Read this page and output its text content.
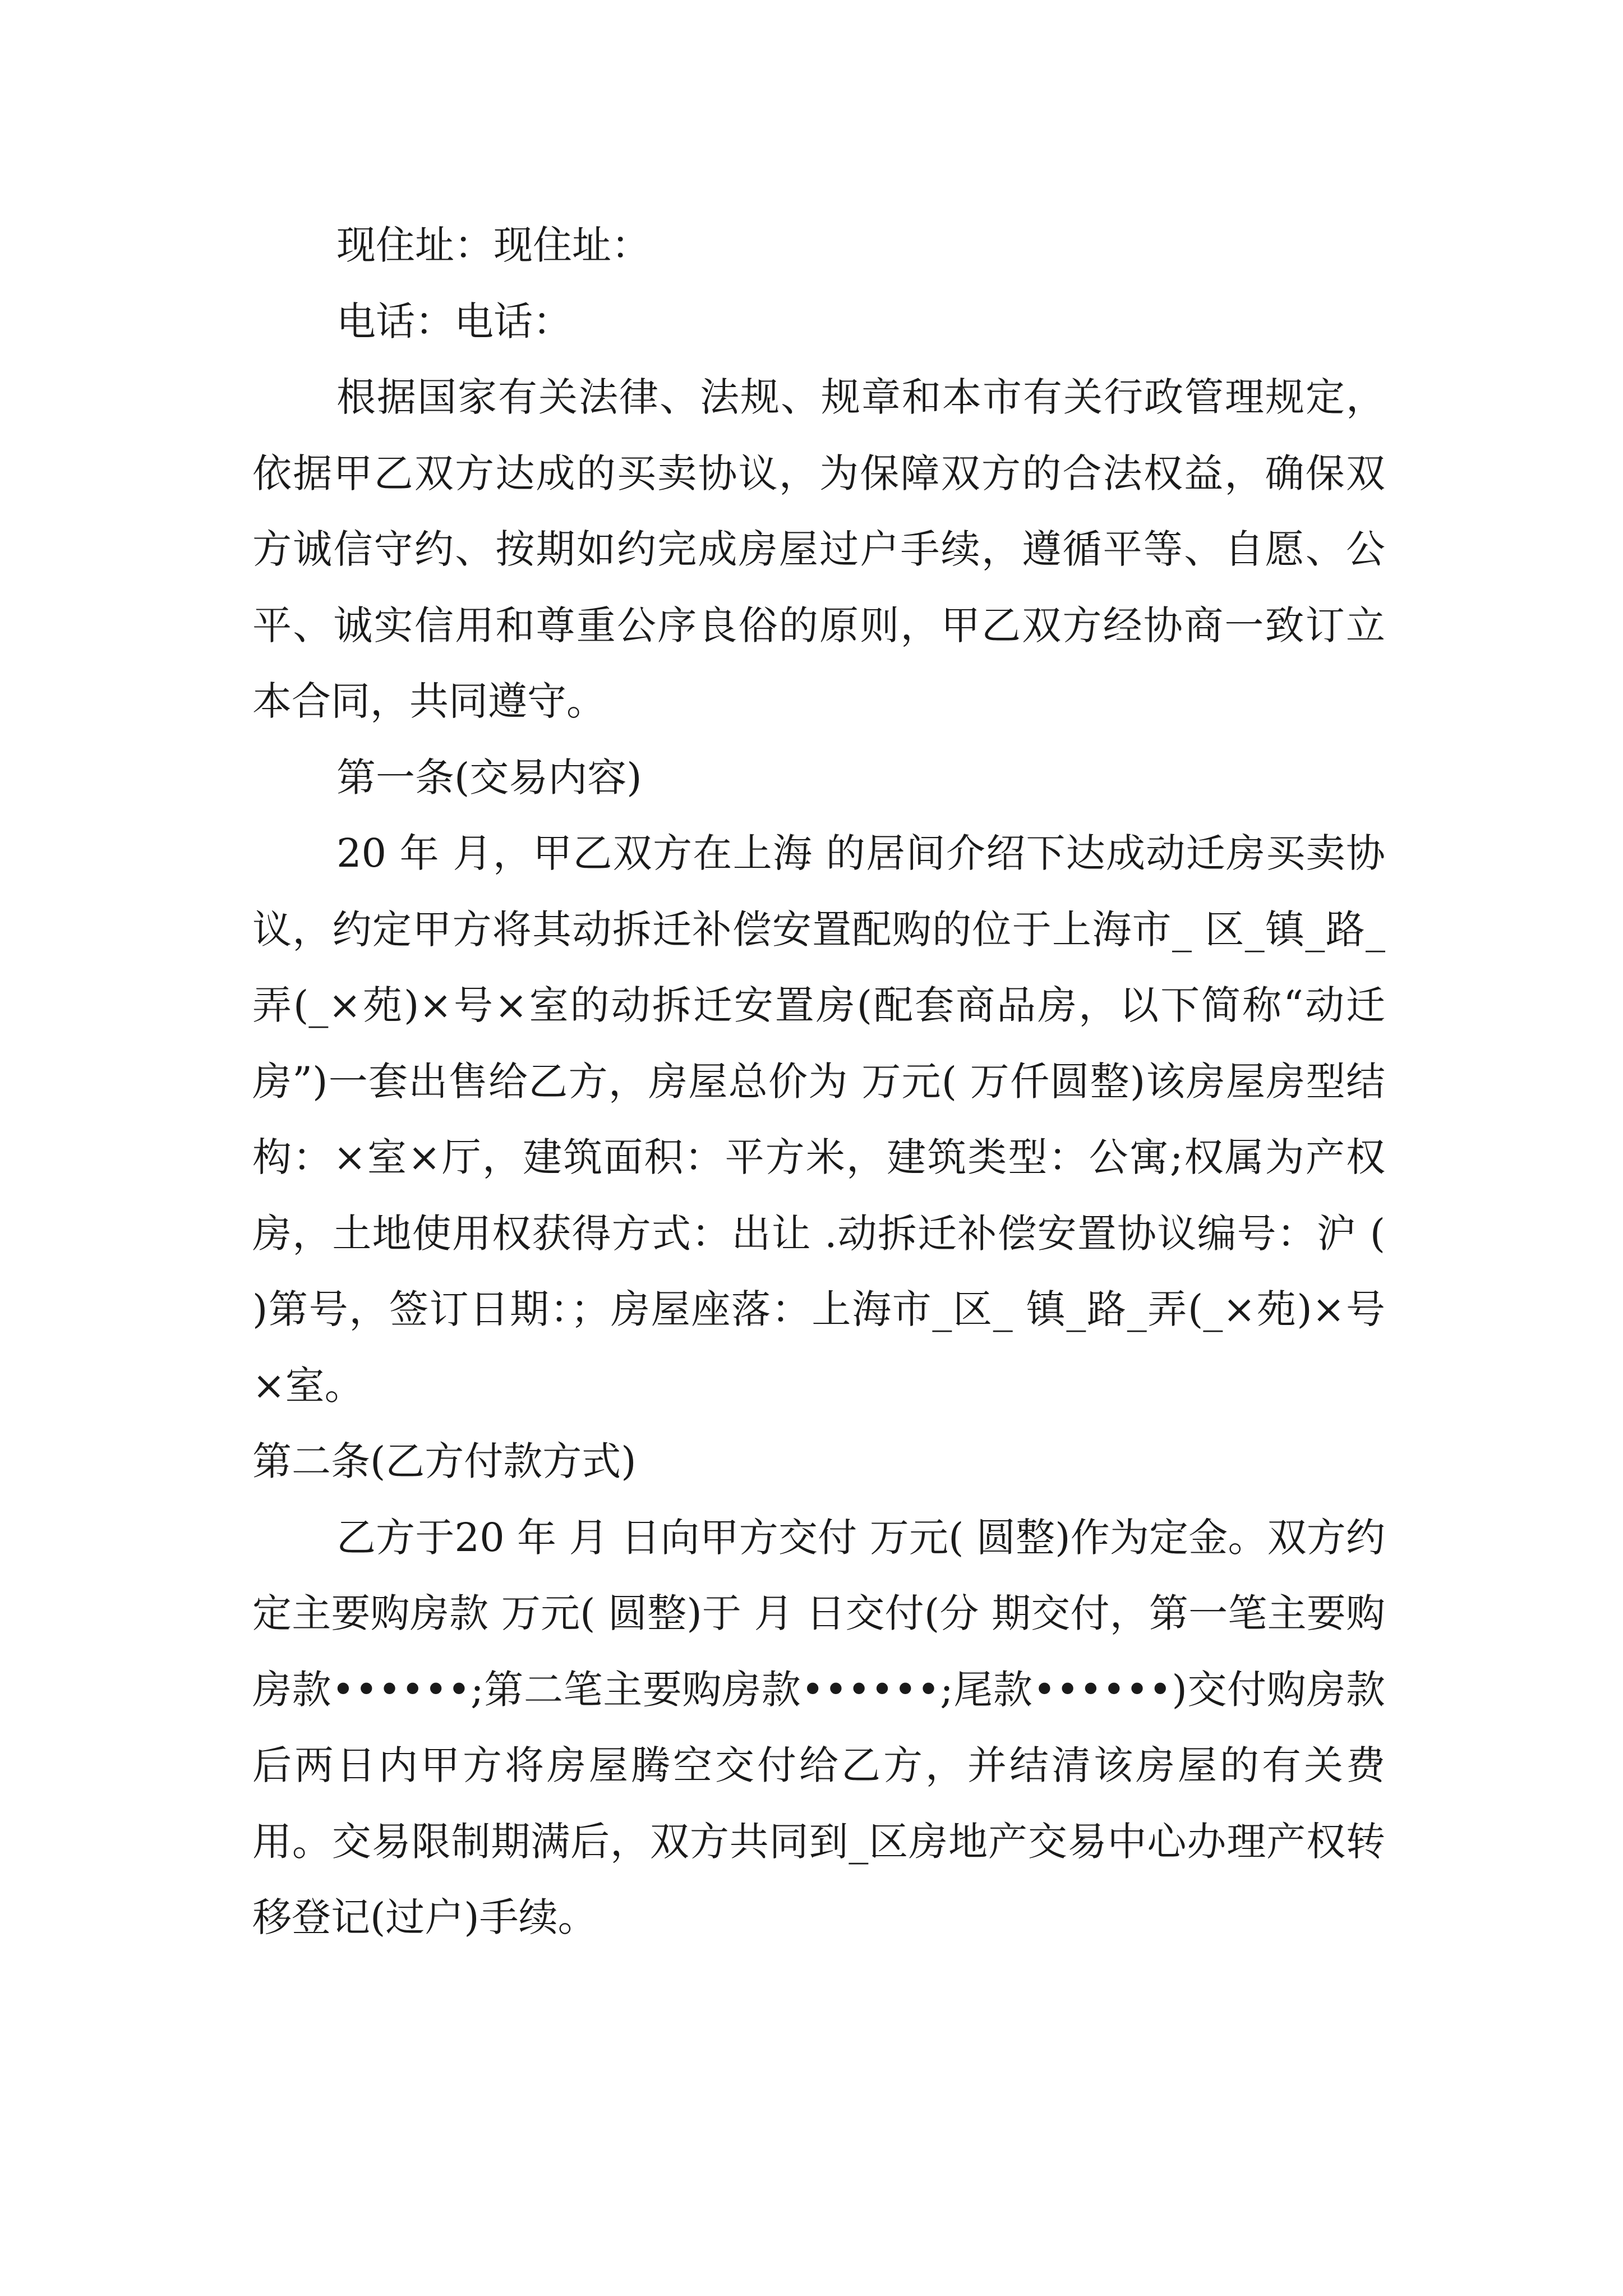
现住址：现住址：

电话：电话：

根据国家有关法律、法规、规章和本市有关行政管理规定，依据甲乙双方达成的买卖协议，为保障双方的合法权益，确保双方诚信守约、按期如约完成房屋过户手续，遵循平等、自愿、公平、诚实信用和尊重公序良俗的原则，甲乙双方经协商一致订立本合同，共同遵守。

第一条(交易内容)

20 年 月，甲乙双方在上海 的居间介绍下达成动迁房买卖协议，约定甲方将其动拆迁补偿安置配购的位于上海市_ 区_镇_路_弄(_×苑)×号×室的动拆迁安置房(配套商品房，以下简称“动迁房”)一套出售给乙方，房屋总价为 万元( 万仟圆整)该房屋房型结构：×室×厅，建筑面积：平方米，建筑类型：公寓;权属为产权房，土地使用权获得方式：出让 .动拆迁补偿安置协议编号：沪 ( )第号，签订日期：；房屋座落：上海市_区_ 镇_路_弄(_×苑)×号×室。

第二条(乙方付款方式)

乙方于20 年 月 日向甲方交付 万元( 圆整)作为定金。双方约定主要购房款 万元( 圆整)于 月 日交付(分 期交付，第一笔主要购房款••••••;第二笔主要购房款••••••;尾款••••••)交付购房款后两日内甲方将房屋腾空交付给乙方，并结清该房屋的有关费用。交易限制期满后，双方共同到_区房地产交易中心办理产权转移登记(过户)手续。
